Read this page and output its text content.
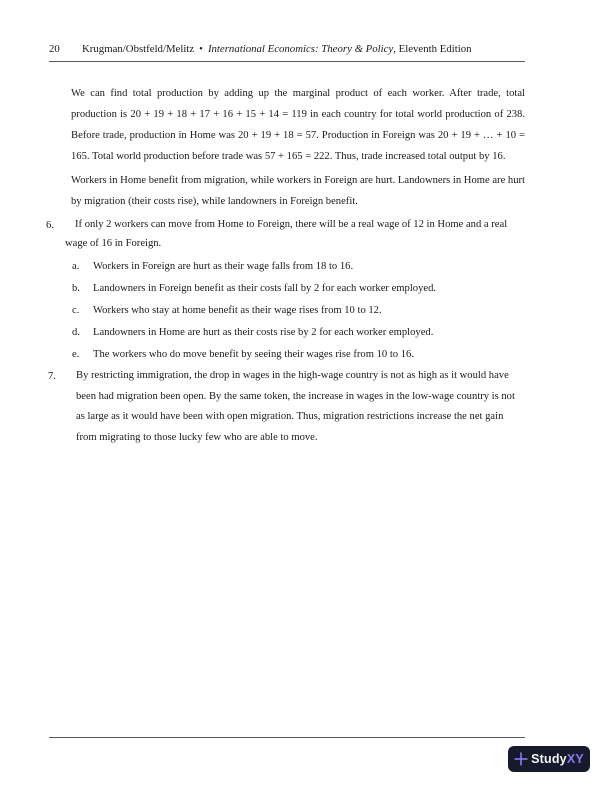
20 Krugman/Obstfeld/Melitz • International Economics: Theory & Policy, Eleventh Edition

We can find total production by adding up the marginal product of each worker. After trade, total production is 20 + 19 + 18 + 17 + 16 + 15 + 14 = 119 in each country for total world production of 238. Before trade, production in Home was 20 + 19 + 18 = 57. Production in Foreign was 20 + 19 + … + 10 = 165. Total world production before trade was 57 + 165 = 222. Thus, trade increased total output by 16.

Workers in Home benefit from migration, while workers in Foreign are hurt. Landowners in Home are hurt by migration (their costs rise), while landowners in Foreign benefit.

6.	If only 2 workers can move from Home to Foreign, there will be a real wage of 12 in Home and a real wage of 16 in Foreign.
a. Workers in Foreign are hurt as their wage falls from 18 to 16.
b. Landowners in Foreign benefit as their costs fall by 2 for each worker employed.
c. Workers who stay at home benefit as their wage rises from 10 to 12.
d. Landowners in Home are hurt as their costs rise by 2 for each worker employed.
e. The workers who do move benefit by seeing their wages rise from 10 to 16.
7.	By restricting immigration, the drop in wages in the high-wage country is not as high as it would have been had migration been open. By the same token, the increase in wages in the low-wage country is not as large as it would have been with open migration. Thus, migration restrictions increase the net gain from migrating to those lucky few who are able to move.
StudyXY
